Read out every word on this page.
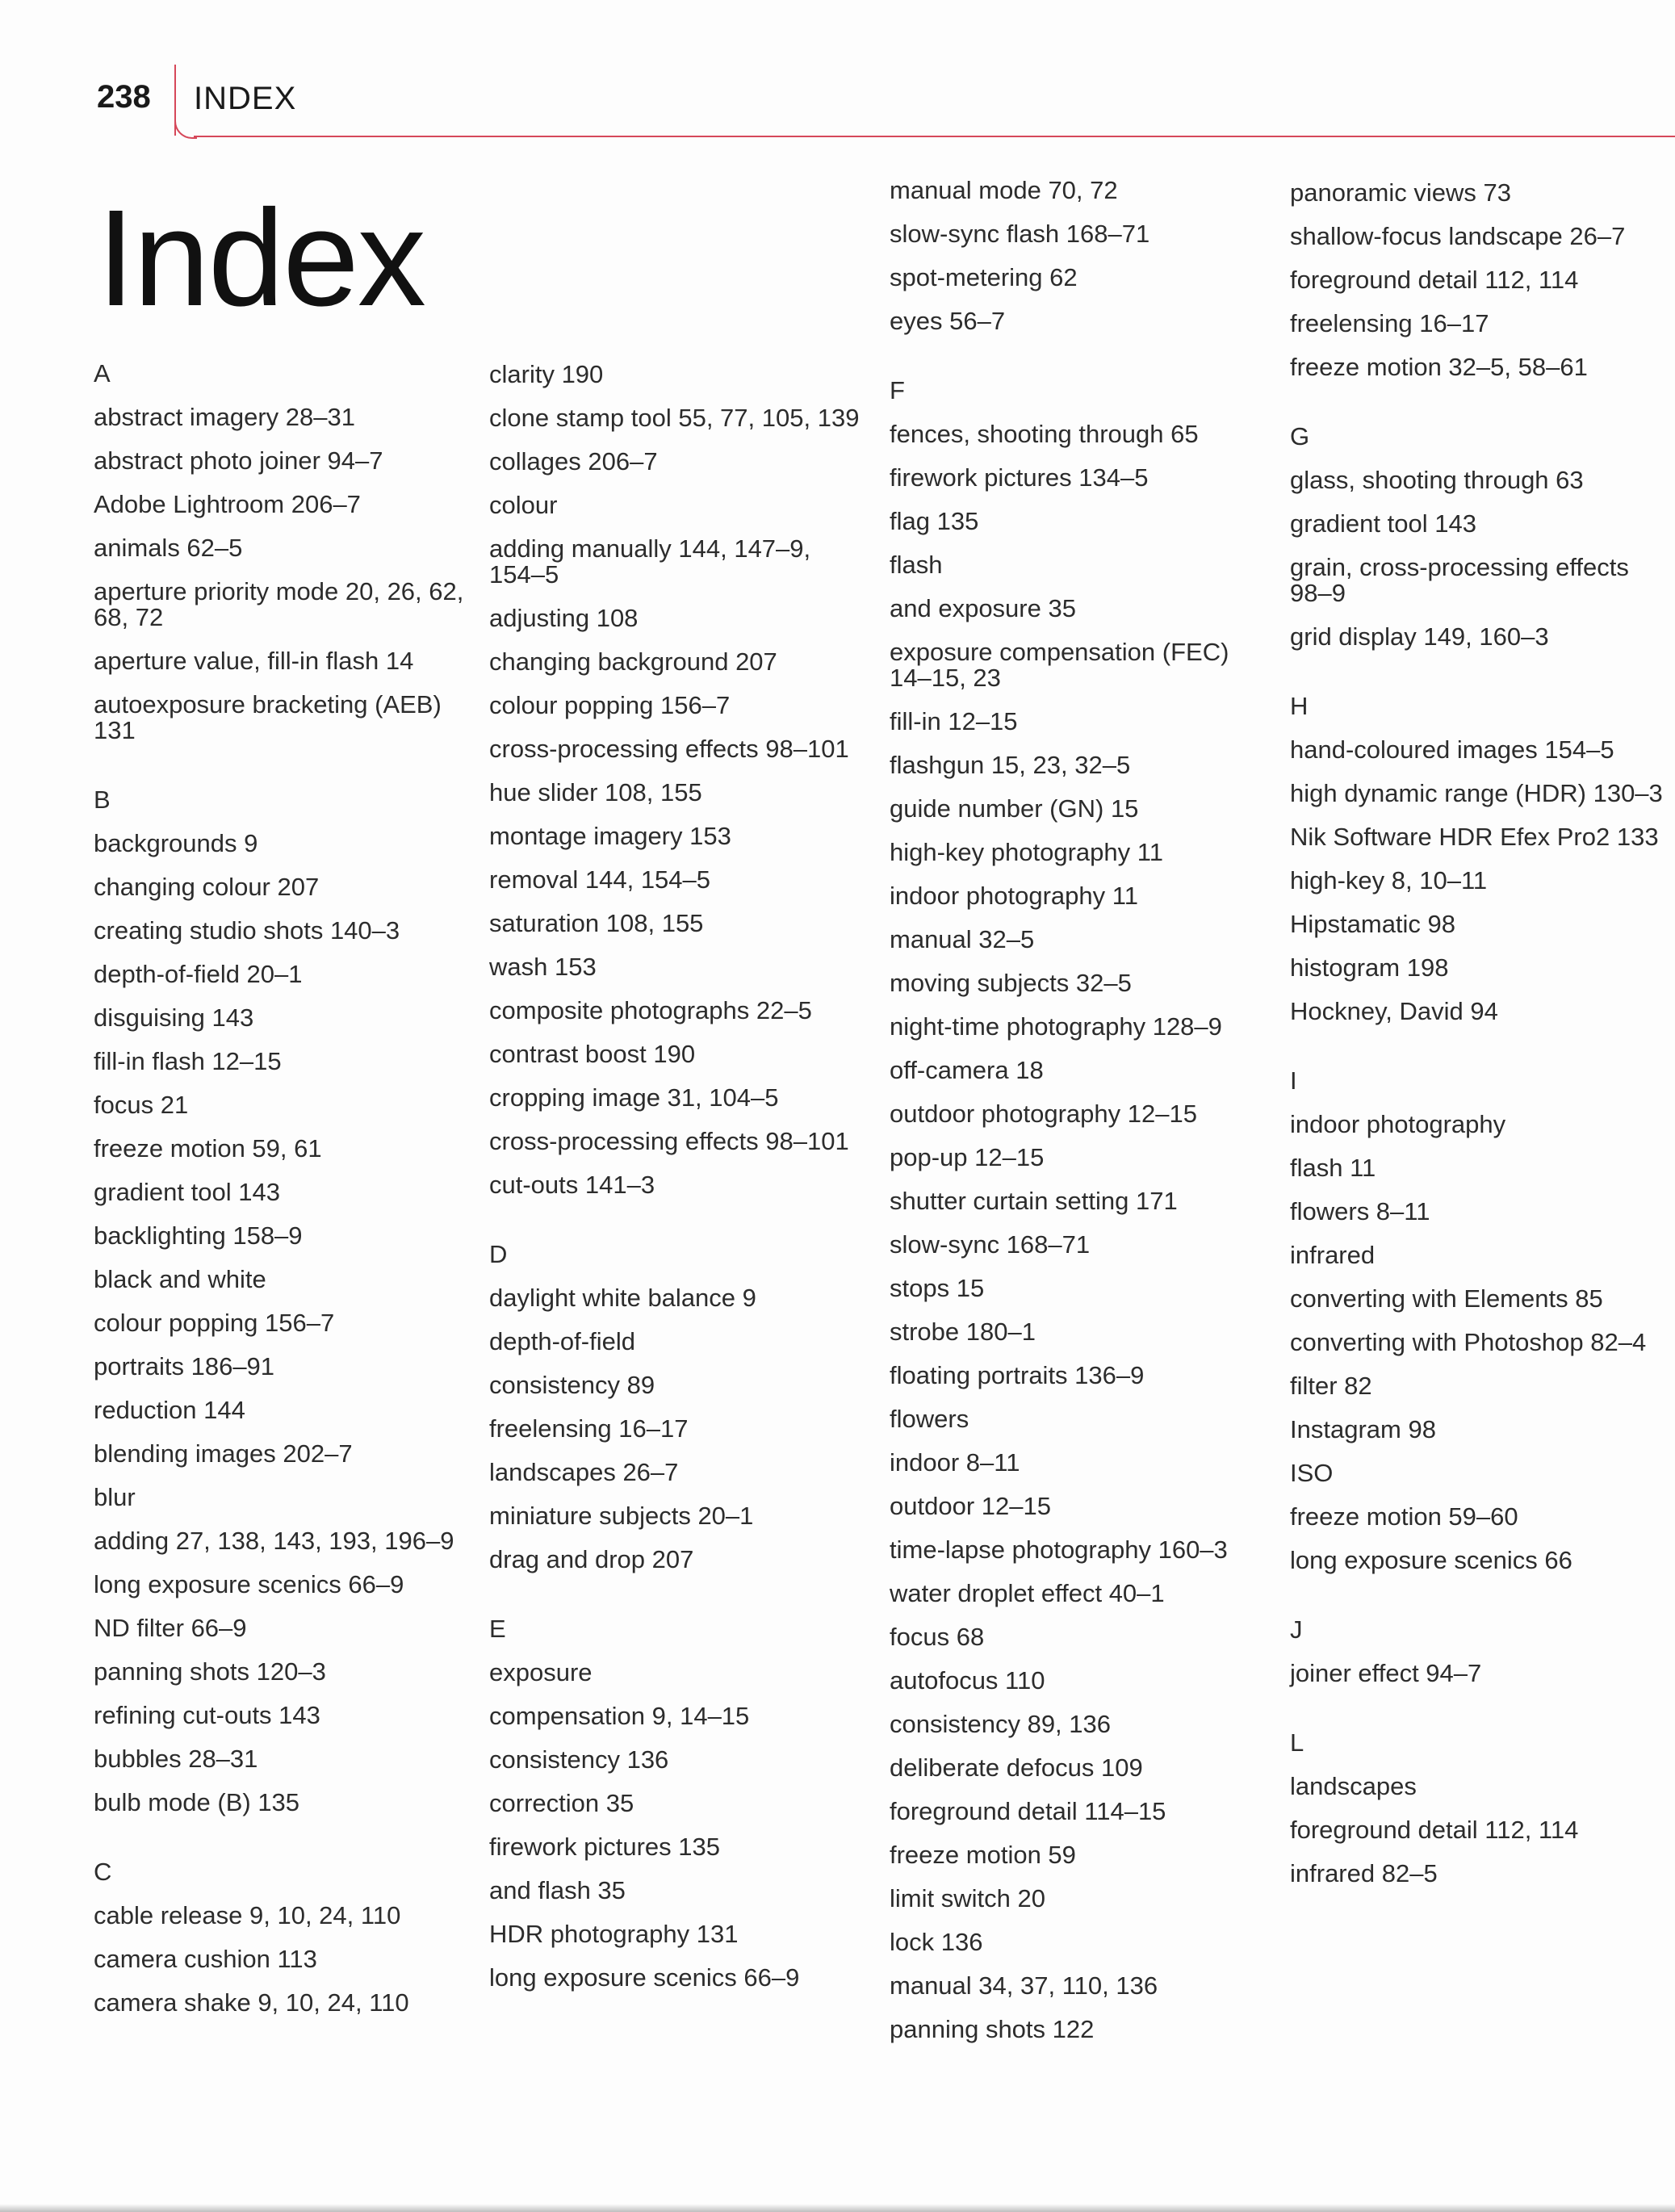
238 INDEX
Index
A
abstract imagery 28–31
abstract photo joiner 94–7
Adobe Lightroom 206–7
animals 62–5
aperture priority mode 20, 26, 62, 68, 72
aperture value, fill-in flash 14
autoexposure bracketing (AEB) 131
B
backgrounds 9
changing colour 207
creating studio shots 140–3
depth-of-field 20–1
disguising 143
fill-in flash 12–15
focus 21
freeze motion 59, 61
gradient tool 143
backlighting 158–9
black and white
colour popping 156–7
portraits 186–91
reduction 144
blending images 202–7
blur
adding 27, 138, 143, 193, 196–9
long exposure scenics 66–9
ND filter 66–9
panning shots 120–3
refining cut-outs 143
bubbles 28–31
bulb mode (B) 135
C
cable release 9, 10, 24, 110
camera cushion 113
camera shake 9, 10, 24, 110
clarity 190
clone stamp tool 55, 77, 105, 139
collages 206–7
colour
adding manually 144, 147–9, 154–5
adjusting 108
changing background 207
colour popping 156–7
cross-processing effects 98–101
hue slider 108, 155
montage imagery 153
removal 144, 154–5
saturation 108, 155
wash 153
composite photographs 22–5
contrast boost 190
cropping image 31, 104–5
cross-processing effects 98–101
cut-outs 141–3
D
daylight white balance 9
depth-of-field
consistency 89
freelensing 16–17
landscapes 26–7
miniature subjects 20–1
drag and drop 207
E
exposure
compensation 9, 14–15
consistency 136
correction 35
firework pictures 135
and flash 35
HDR photography 131
long exposure scenics 66–9
manual mode 70, 72
slow-sync flash 168–71
spot-metering 62
eyes 56–7
F
fences, shooting through 65
firework pictures 134–5
flag 135
flash
and exposure 35
exposure compensation (FEC) 14–15, 23
fill-in 12–15
flashgun 15, 23, 32–5
guide number (GN) 15
high-key photography 11
indoor photography 11
manual 32–5
moving subjects 32–5
night-time photography 128–9
off-camera 18
outdoor photography 12–15
pop-up 12–15
shutter curtain setting 171
slow-sync 168–71
stops 15
strobe 180–1
floating portraits 136–9
flowers
indoor 8–11
outdoor 12–15
time-lapse photography 160–3
water droplet effect 40–1
focus 68
autofocus 110
consistency 89, 136
deliberate defocus 109
foreground detail 114–15
freeze motion 59
limit switch 20
lock 136
manual 34, 37, 110, 136
panning shots 122
panoramic views 73
shallow-focus landscape 26–7
foreground detail 112, 114
freelensing 16–17
freeze motion 32–5, 58–61
G
glass, shooting through 63
gradient tool 143
grain, cross-processing effects 98–9
grid display 149, 160–3
H
hand-coloured images 154–5
high dynamic range (HDR) 130–3
Nik Software HDR Efex Pro2 133
high-key 8, 10–11
Hipstamatic 98
histogram 198
Hockney, David 94
I
indoor photography
flash 11
flowers 8–11
infrared
converting with Elements 85
converting with Photoshop 82–4
filter 82
Instagram 98
ISO
freeze motion 59–60
long exposure scenics 66
J
joiner effect 94–7
L
landscapes
foreground detail 112, 114
infrared 82–5
